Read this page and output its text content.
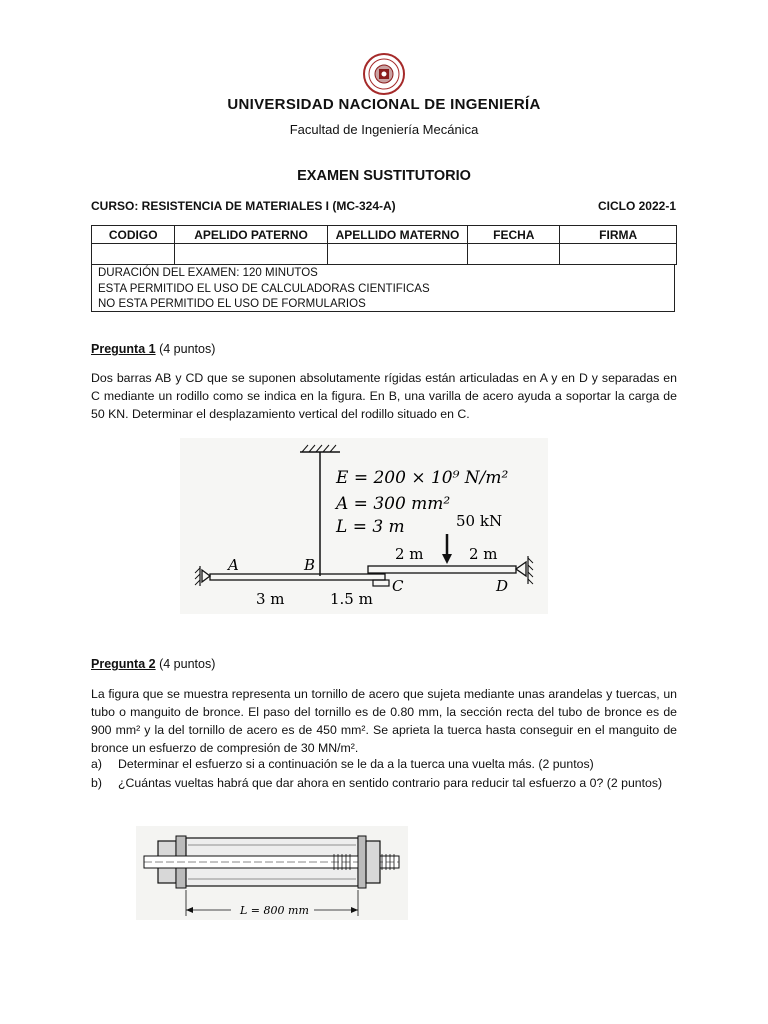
UNIVERSIDAD NACIONAL DE INGENIERÍA
Facultad de Ingeniería Mecánica
EXAMEN SUSTITUTORIO
CURSO: RESISTENCIA DE MATERIALES I (MC-324-A)	CICLO 2022-1
CODIGO	APELIDO PATERNO	APELLIDO MATERNO	FECHA	FIRMA

DURACIÓN DEL EXAMEN: 120 MINUTOS
ESTA PERMITIDO EL USO DE CALCULADORAS CIENTIFICAS
NO ESTA PERMITIDO EL USO DE FORMULARIOS
Pregunta 1 (4 puntos)
Dos barras AB y CD que se suponen absolutamente rígidas están articuladas en A y en D y separadas en C mediante un rodillo como se indica en la figura. En B, una varilla de acero ayuda a soportar la carga de 50 KN. Determinar el desplazamiento vertical del rodillo situado en C.
E = 200 × 10⁹ N/m²
A = 300 mm²
L = 3 m	50 kN
A	B
C
2 m	2 m
D
3 m	1.5 m
Pregunta 2 (4 puntos)
La figura que se muestra representa un tornillo de acero que sujeta mediante unas arandelas y tuercas, un tubo o manguito de bronce. El paso del tornillo es de 0.80 mm, la sección recta del tubo de bronce es de 900 mm² y la del tornillo de acero es de 450 mm². Se aprieta la tuerca hasta conseguir en el manguito de bronce un esfuerzo de compresión de 30 MN/m².
a) Determinar el esfuerzo si a continuación se le da a la tuerca una vuelta más. (2 puntos)
b) ¿Cuántas vueltas habrá que dar ahora en sentido contrario para reducir tal esfuerzo a 0? (2 puntos)
L = 800 mm
